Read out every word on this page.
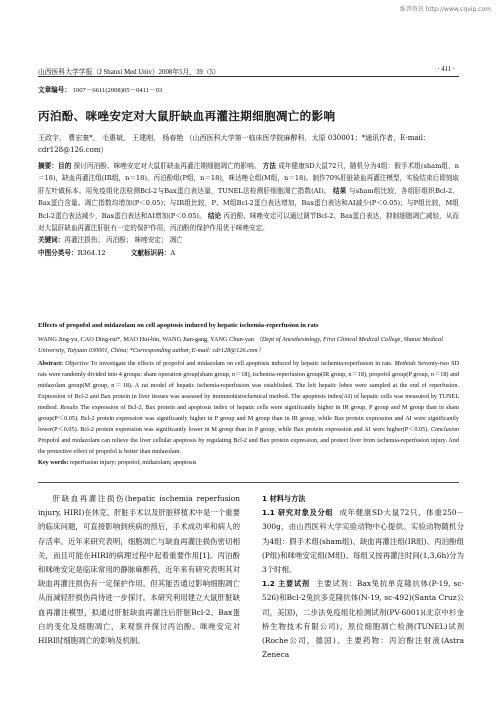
维普资讯 http://www.cqvip.com
山西医科大学学报（J Shanxi Med Univ）2008年5月，39（5）	· 411 ·
文章编号： 1007－6611(2008)05－0411－03
丙泊酚、咪唑安定对大鼠肝缺血再灌注期细胞凋亡的影响
王政宇， 曹宏豪*， 毛惠斌， 王建刚， 杨春艳 （山西医科大学第一临床医学院麻醉科，太原 030001；*通讯作者，E-mail：cdr128@126.com）
摘要：目的 探讨丙泊酚、咪唑安定对大鼠肝缺血再灌注期细胞凋亡的影响。 方法 成年健康SD大鼠72只，随机分为4组：假手术组(sham组，n＝18)，缺血再灌注组(IR组，n＝18)，丙泊酚组(P组，n＝18)，咪达唑仑组(M组，n＝18)。制作70%肝脏缺血再灌注模型，实验结束后即刻取肝左叶做标本。用免疫组化法检测Bcl-2与Bax蛋白表达量，TUNEL法检测肝细胞凋亡指数(AI)。 结果 与sham组比较，各组肝组织Bcl-2、Bax蛋白含量、凋亡指数均增加(P＜0.05)；与IR组比较，P、M组Bcl-2蛋白表达增加，Bax蛋白表达和AI减少(P＜0.05)；与P组比较，M组Bcl-2蛋白表达减少，Bax蛋白表达和AI增加(P＜0.05)。 结论 丙泊酚、咪唑安定可以通过调节Bcl-2、Bax蛋白表达，抑制细胞凋亡减轻，从而对大鼠肝缺血再灌注肝脏有一定的保护作用，丙泊酚的保护作用优于咪唑安定。
关键词：再灌注损伤； 丙泊酚； 咪唑安定； 凋亡
中图分类号：R364.12	文献标识码：A
Effects of propofol and midazolam on cell apoptosis induced by hepatic ischemia-reperfusion in rats
WANG Jing-yu, CAO Ding-rui*, MAO Hui-bin, WANG Jian-gang, YANG Chun-yan （Dept of Anesthesiology, First Clinical Medical College, Shanxi Medical University, Taiyuan 030001, China; *Corresponding author, E-mail: cdr128@126.com）
Abstract: Objective To investigate the effects of propofol and midazolam on cell apoptosis induced by hepatic ischemia-reperfusion in rats. Methods Seventy-two SD rats were randomly divided into 4 groups: sham operation group(sham group, n＝18), ischemia-reperfusion group(IR group, n＝18), propofol group(P group, n＝18) and midazolam group(M group, n＝18). A rat model of hepatic ischemia-reperfusion was established. The left hepatic lobes were sampled at the end of reperfusion. Expression of Bcl-2 and Bax protein in liver tissues was assessed by immunohistochemical method. The apoptosis index(AI) of hepatic cells was measured by TUNEL method. Results The expression of Bcl-2, Bax protein and apoptosis index of hepatic cells were significantly higher in IR group, P group and M group than in sham group(P＜0.05). Bcl-2 protein expression was significantly higher in P group and M group than in IR group, while Bax protein expression and AI were significantly lower(P＜0.05). Bcl-2 protein expression was significantly lower in M group than in P group, while Bax protein expression and AI were higher(P＜0.05). Conclusion Propofol and midazolam can relieve the liver cellular apoptosis by regulating Bcl-2 and Bax protein expression, and protect liver from ischemia-reperfusion injury. And the protective effect of propofol is better than midazolam.
Key words: reperfusion injury; propofol; midazolam; apoptosis

肝缺血再灌注损伤(hepatic ischemia reperfusion injury, HIRI)在休克、肝脏手术以及肝脏移植术中是一个重要的临床问题，可直接影响到疾病的预后，手术成功率和病人的存活率。近年来研究表明，细胞凋亡与缺血再灌注损伤密切相关，而且可能在HIRI的病理过程中起着重要作用[1]。丙泊酚和咪唑安定是临床常用的静脉麻醉药，近年来有研究表明其对缺血再灌注损伤有一定保护作用。但其能否通过影响细胞凋亡从而减轻肝损伤尚待进一步探讨。本研究利用建立大鼠肝脏缺血再灌注模型，拟通过肝脏缺血再灌注后肝脏Bcl-2、Bax蛋白的变化及细胞凋亡，来观察并探讨丙泊酚、咪唑安定对HIRI时细胞凋亡的影响及机制。

1 材料与方法

1.1 研究对象及分组 成年健康SD大鼠72只，体重250－300g，由山西医科大学实验动物中心提供。实验动物随机分为4组：假手术组(sham组)、缺血再灌注组(IR组)、丙泊酚组(P组)和咪唑安定组(M组)。每组又按再灌注时间(1,3,6h)分为3个时相。

1.2 主要试剂 主要试剂：Bax兔抗单克隆抗体(P-19, sc-526)和Bcl-2兔抗多克隆抗体(N-19, sc-492)(Santa Cruz公司，美国)，二步法免疫组化检测试剂(PV-6001)(北京中杉金桥生物技术有限公司)，原位细胞凋亡检测(TUNEL)试剂(Roche公司，德国)。主要药物：丙泊酚注射液(Astra Zeneca
